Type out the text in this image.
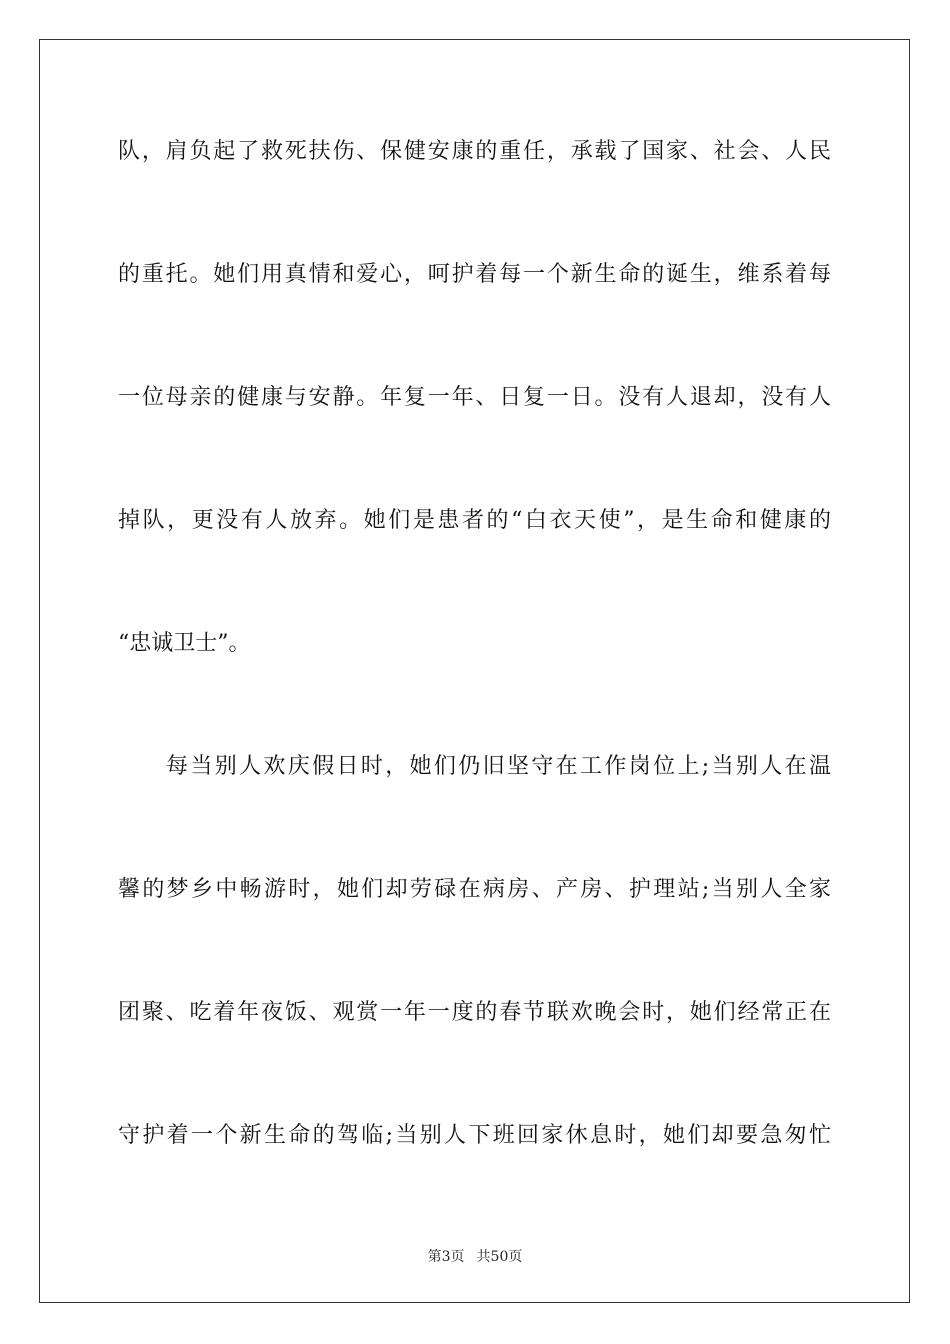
队，肩负起了救死扶伤、保健安康的重任，承载了国家、社会、人民
的重托。她们用真情和爱心，呵护着每一个新生命的诞生，维系着每
一位母亲的健康与安静。年复一年、日复一日。没有人退却，没有人
掉队，更没有人放弃。她们是患者的“白衣天使”，是生命和健康的
“忠诚卫士”。
每当别人欢庆假日时，她们仍旧坚守在工作岗位上;当别人在温
馨的梦乡中畅游时，她们却劳碌在病房、产房、护理站;当别人全家
团聚、吃着年夜饭、观赏一年一度的春节联欢晚会时，她们经常正在
守护着一个新生命的驾临;当别人下班回家休息时，她们却要急匆忙
第3页 共50页
